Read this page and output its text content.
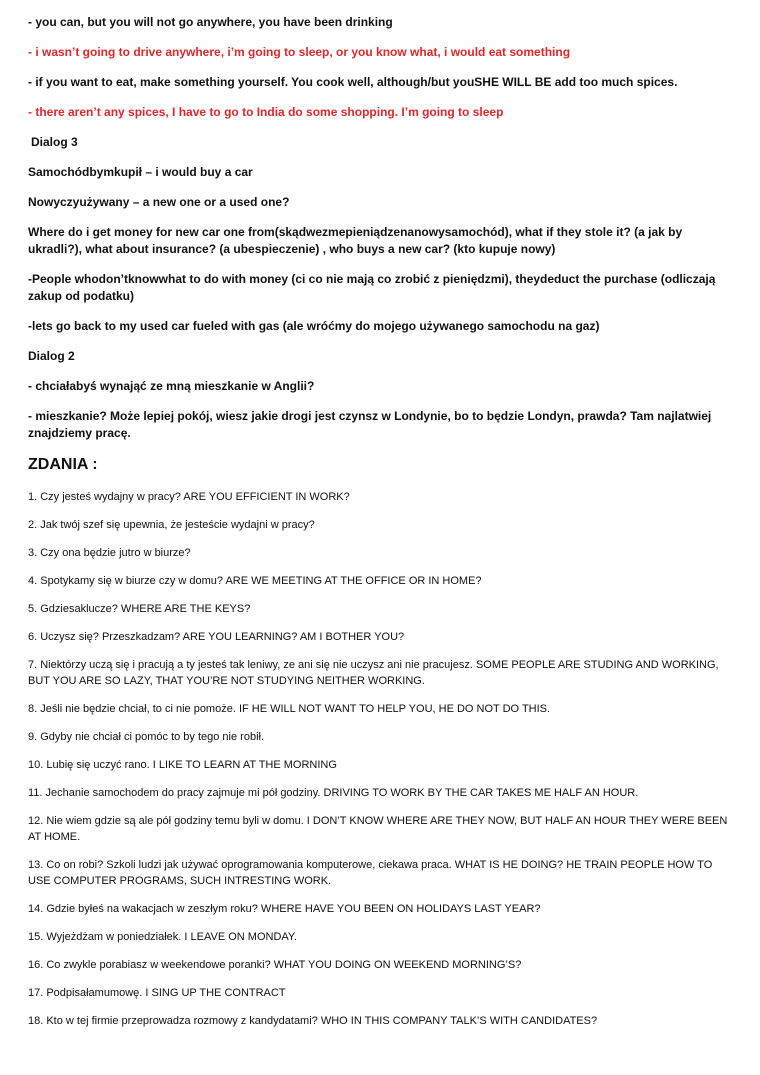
- you can, but you will not go anywhere, you have been drinking

- i wasn’t going to drive anywhere, i’m going to sleep, or you know what, i would eat something

- if you want to eat, make something yourself. You cook well, although/but youSHE WILL BE add too much spices.

- there aren’t any spices, I have to go to India do some shopping. I’m going to sleep

Dialog 3

Samochódbymkupił – i would buy a car

Nowyczyużywany – a new one or a used one?

Where do i get money for new car one from(skądwezmepieniądzenanowysamochód), what if they stole it? (a jak by ukradli?), what about insurance? (a ubespieczenie) , who buys a new car? (kto kupuje nowy)

-People whodon’tknowwhat to do with money (ci co nie mają co zrobić z pieniędzmi), theydeduct the purchase (odliczają zakup od podatku)

-lets go back to my used car fueled with gas (ale wróćmy do mojego używanego samochodu na gaz)

Dialog 2

- chciałabyś wynająć ze mną mieszkanie w Anglii?

- mieszkanie? Może lepiej pokój, wiesz jakie drogi jest czynsz w Londynie, bo to będzie Londyn, prawda? Tam najlatwiej znajdziemy pracę.

ZDANIA :

1. Czy jesteś wydajny w pracy? ARE YOU EFFICIENT IN WORK?

2. Jak twój szef się upewnia, że jesteście wydajni w pracy?

3. Czy ona będzie jutro w biurze?

4. Spotykamy się w biurze czy w domu? ARE WE MEETING AT THE OFFICE OR IN HOME?

5. Gdziesaklucze? WHERE ARE THE KEYS?

6. Uczysz się? Przeszkadzam? ARE YOU LEARNING? AM I BOTHER YOU?

7. Niektórzy uczą się i pracują a ty jesteś tak leniwy, ze ani się nie uczysz ani nie pracujesz. SOME PEOPLE ARE STUDING AND WORKING, BUT YOU ARE SO LAZY, THAT YOU’RE NOT STUDYING NEITHER WORKING.

8. Jeśli nie będzie chciał, to ci nie pomoże. IF HE WILL NOT WANT TO HELP YOU, HE DO NOT DO THIS.

9. Gdyby nie chciał ci pomóc to by tego nie robił.

10. Lubię się uczyć rano. I LIKE TO LEARN AT THE MORNING

11. Jechanie samochodem do pracy zajmuje mi pół godziny. DRIVING TO WORK BY THE CAR TAKES ME HALF AN HOUR.

12. Nie wiem gdzie są ale pół godziny temu byli w domu. I DON’T KNOW WHERE ARE THEY NOW, BUT HALF AN HOUR THEY WERE BEEN AT HOME.

13. Co on robi? Szkoli ludzi jak używać oprogramowania komputerowe, ciekawa praca. WHAT IS HE DOING? HE TRAIN PEOPLE HOW TO USE COMPUTER PROGRAMS, SUCH INTRESTING WORK.

14. Gdzie byłeś na wakacjach w zeszłym roku? WHERE HAVE YOU BEEN ON HOLIDAYS LAST YEAR?

15. Wyjeżdżam w poniedziałek. I LEAVE ON MONDAY.

16. Co zwykle porabiasz w weekendowe poranki? WHAT YOU DOING ON WEEKEND MORNING’S?

17. Podpisałamumowę. I SING UP THE CONTRACT

18. Kto w tej firmie przeprowadza rozmowy z kandydatami? WHO IN THIS COMPANY TALK’S WITH CANDIDATES?
